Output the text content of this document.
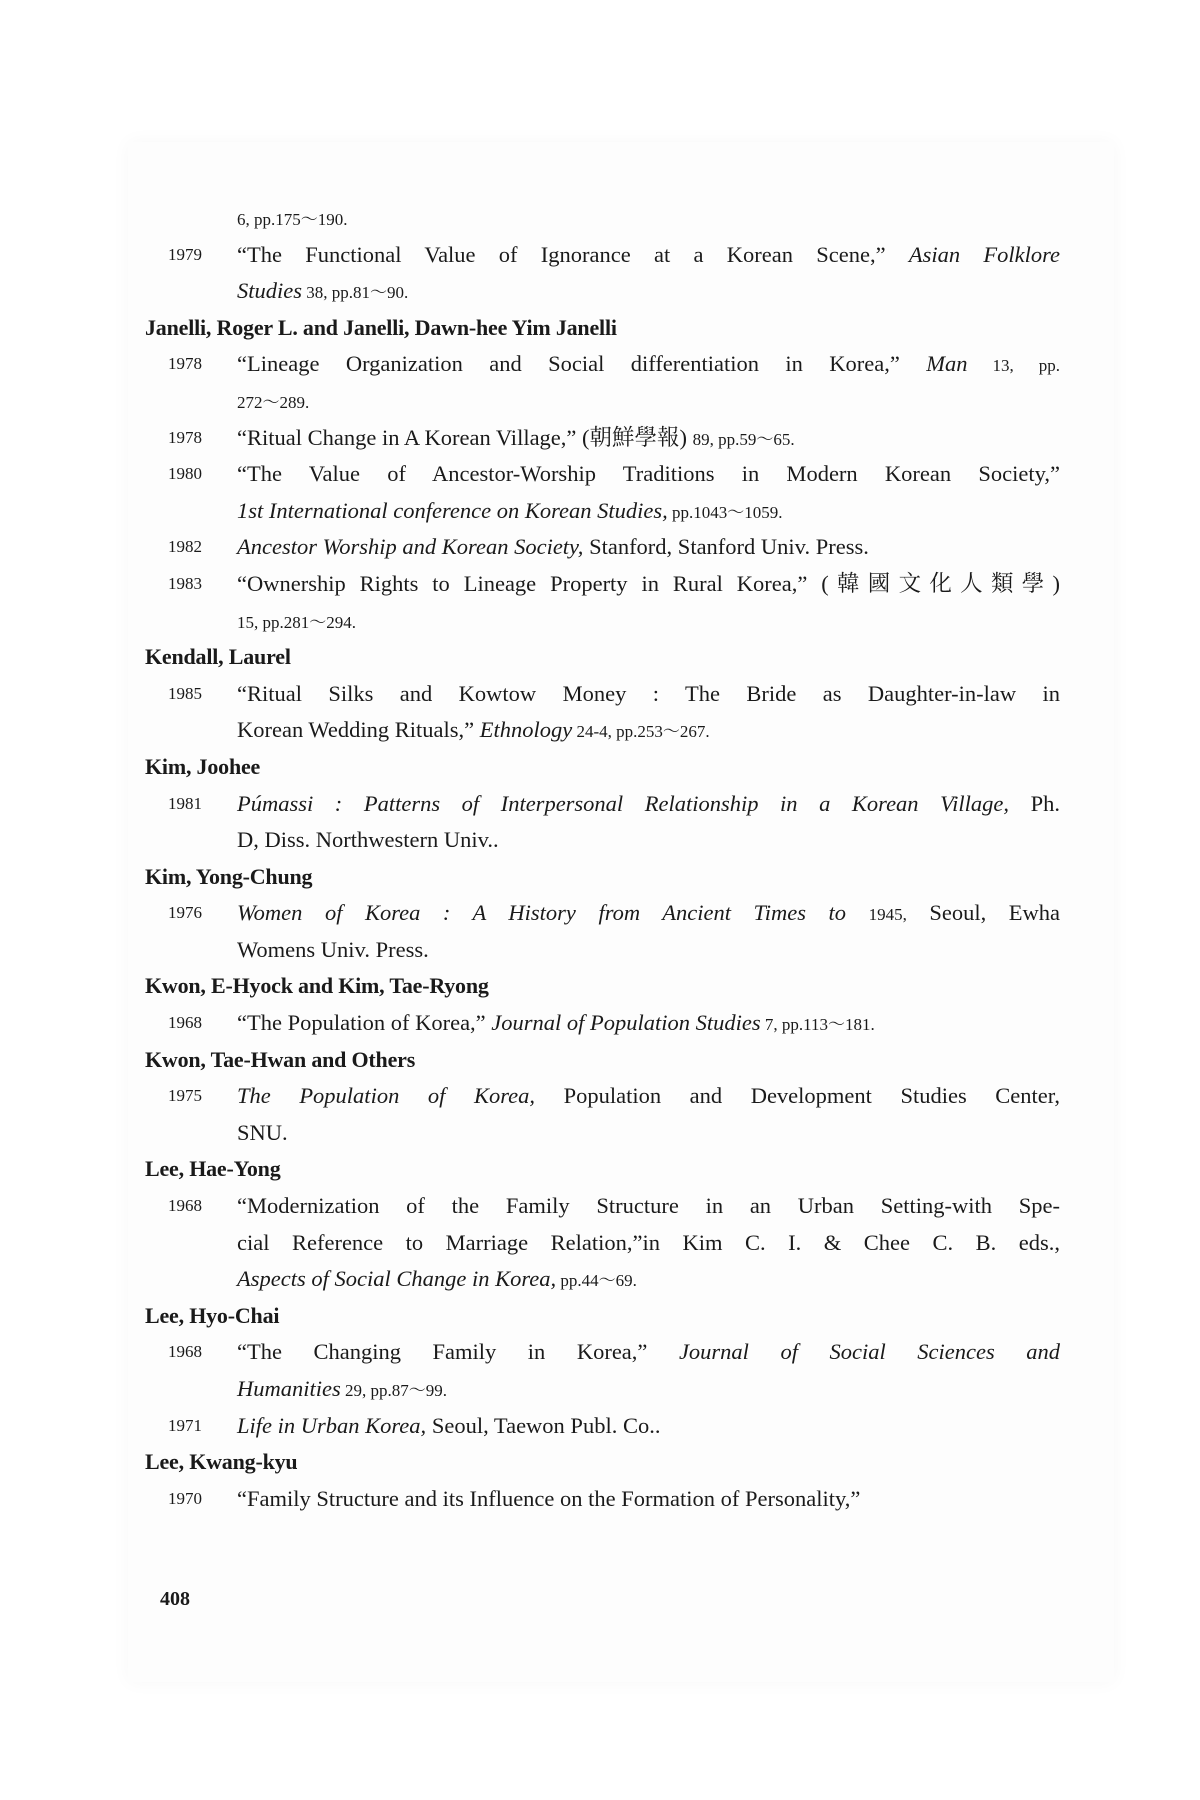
6, pp.175～190.
1979 “The Functional Value of Ignorance at a Korean Scene,” Asian Folklore
Studies 38, pp.81～90.
Janelli, Roger L. and Janelli, Dawn-hee Yim Janelli
1978 “Lineage Organization and Social differentiation in Korea,” Man 13, pp.
272～289.
1978 “Ritual Change in A Korean Village,” (朝鮮學報) 89, pp.59～65.
1980 “The Value of Ancestor-Worship Traditions in Modern Korean Society,”
1st International conference on Korean Studies, pp.1043～1059.
1982 Ancestor Worship and Korean Society, Stanford, Stanford Univ. Press.
1983 “Ownership Rights to Lineage Property in Rural Korea,” (韓國文化人類學)
15, pp.281～294.
Kendall, Laurel
1985 “Ritual Silks and Kowtow Money : The Bride as Daughter-in-law in
Korean Wedding Rituals,” Ethnology 24-4, pp.253～267.
Kim, Joohee
1981 Púmassi : Patterns of Interpersonal Relationship in a Korean Village, Ph.
D, Diss. Northwestern Univ..
Kim, Yong-Chung
1976 Women of Korea : A History from Ancient Times to 1945, Seoul, Ewha
Womens Univ. Press.
Kwon, E-Hyock and Kim, Tae-Ryong
1968 “The Population of Korea,” Journal of Population Studies 7, pp.113～181.
Kwon, Tae-Hwan and Others
1975 The Population of Korea, Population and Development Studies Center,
SNU.
Lee, Hae-Yong
1968 “Modernization of the Family Structure in an Urban Setting-with Spe-
cial Reference to Marriage Relation,”in Kim C. I. & Chee C. B. eds.,
Aspects of Social Change in Korea, pp.44～69.
Lee, Hyo-Chai
1968 “The Changing Family in Korea,” Journal of Social Sciences and
Humanities 29, pp.87～99.
1971 Life in Urban Korea, Seoul, Taewon Publ. Co..
Lee, Kwang-kyu
1970 “Family Structure and its Influence on the Formation of Personality,”
408
